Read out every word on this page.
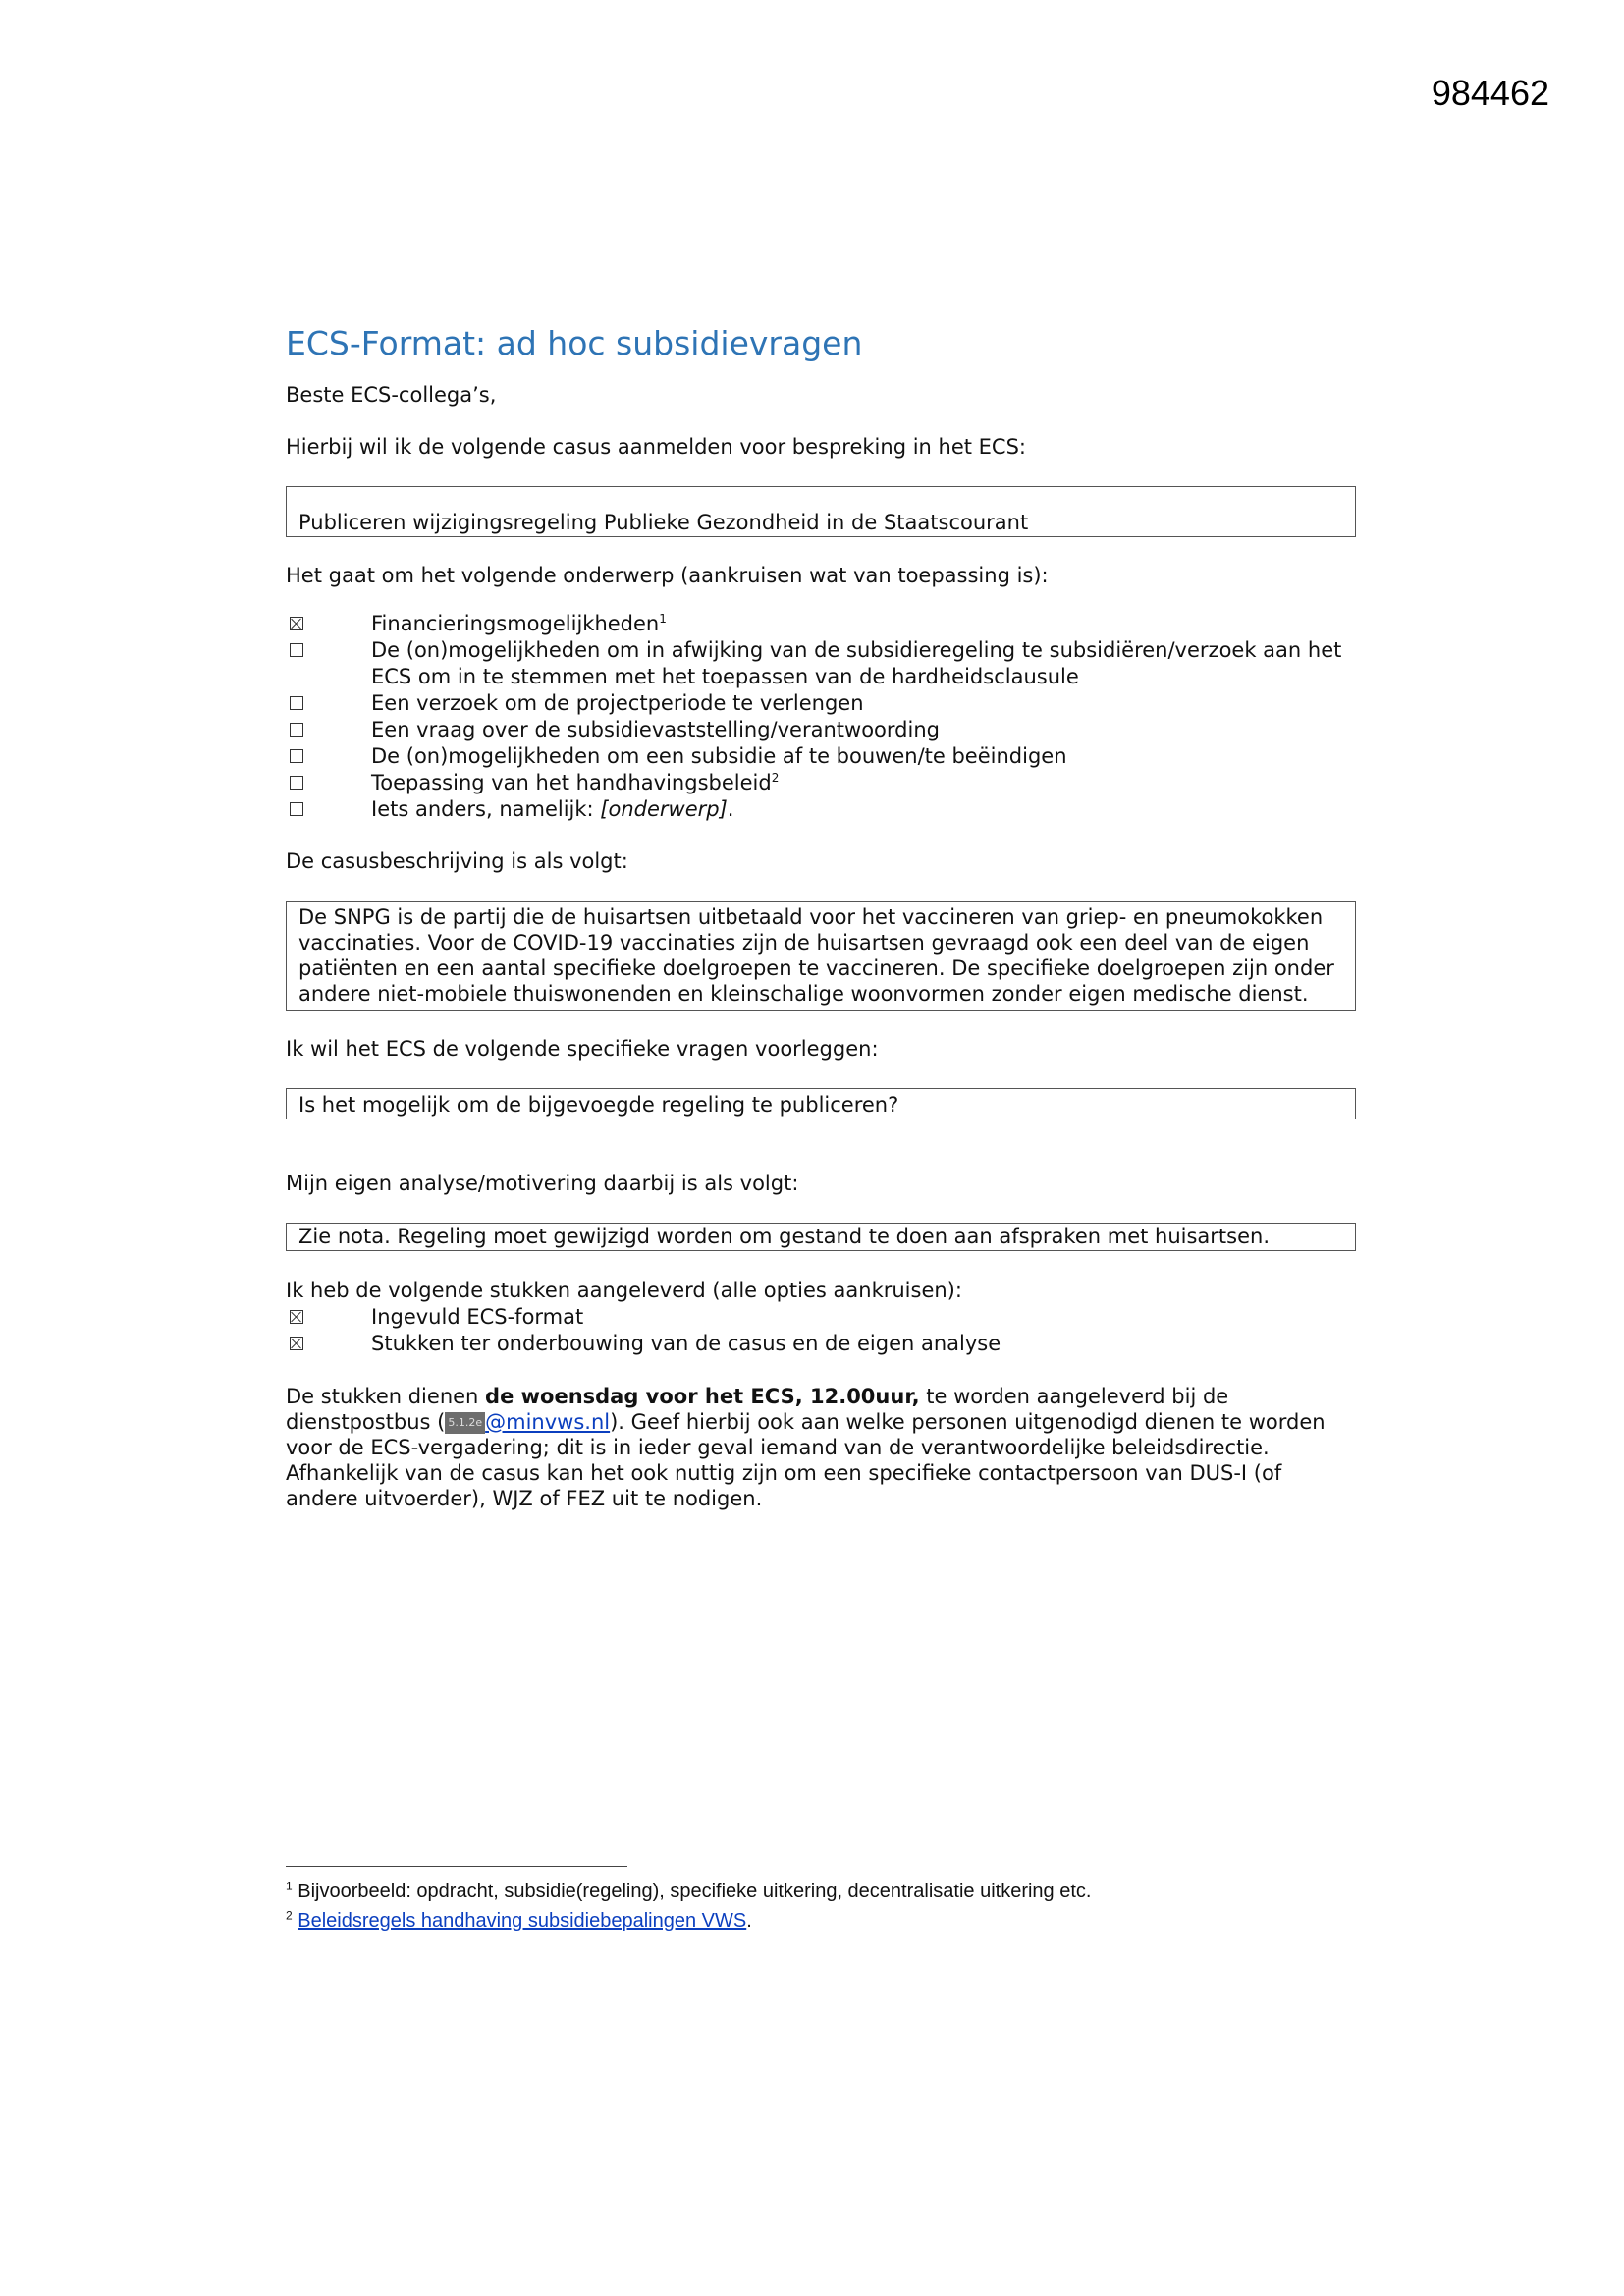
984462
ECS-Format: ad hoc subsidievragen

Beste ECS-collega’s,

Hierbij wil ik de volgende casus aanmelden voor bespreking in het ECS:

Publiceren wijzigingsregeling Publieke Gezondheid in de Staatscourant

Het gaat om het volgende onderwerp (aankruisen wat van toepassing is):

Financieringsmogelijkheden$^1$
De (on)mogelijkheden om in afwijking van de subsidieregeling te subsidiëren/verzoek aan het ECS om in te stemmen met het toepassen van de hardheidsclausule
Een verzoek om de projectperiode te verlengen
Een vraag over de subsidievaststelling/verantwoording
De (on)mogelijkheden om een subsidie af te bouwen/te beëindigen
Toepassing van het handhavingsbeleid$^2$
Iets anders, namelijk: [onderwerp].

De casusbeschrijving is als volgt:

De SNPG is de partij die de huisartsen uitbetaald voor het vaccineren van griep- en pneumokokken vaccinaties. Voor de COVID-19 vaccinaties zijn de huisartsen gevraagd ook een deel van de eigen patiënten en een aantal specifieke doelgroepen te vaccineren. De specifieke doelgroepen zijn onder andere niet-mobiele thuiswonenden en kleinschalige woonvormen zonder eigen medische dienst.

Ik wil het ECS de volgende specifieke vragen voorleggen:

Is het mogelijk om de bijgevoegde regeling te publiceren?

Mijn eigen analyse/motivering daarbij is als volgt:

Zie nota. Regeling moet gewijzigd worden om gestand te doen aan afspraken met huisartsen.

Ik heb de volgende stukken aangeleverd (alle opties aankruisen):

Ingevuld ECS-format
Stukken ter onderbouwing van de casus en de eigen analyse

De stukken dienen de woensdag voor het ECS, 12.00uur, te worden aangeleverd bij de dienstpostbus ( 5.1.2e @minvws.nl). Geef hierbij ook aan welke personen uitgenodigd dienen te worden voor de ECS-vergadering; dit is in ieder geval iemand van de verantwoordelijke beleidsdirectie. Afhankelijk van de casus kan het ook nuttig zijn om een specifieke contactpersoon van DUS-I (of andere uitvoerder), WJZ of FEZ uit te nodigen.

$^1$ Bijvoorbeeld: opdracht, subsidie(regeling), specifieke uitkering, decentralisatie uitkering etc.
$^2$ Beleidsregels handhaving subsidiebepalingen VWS.
